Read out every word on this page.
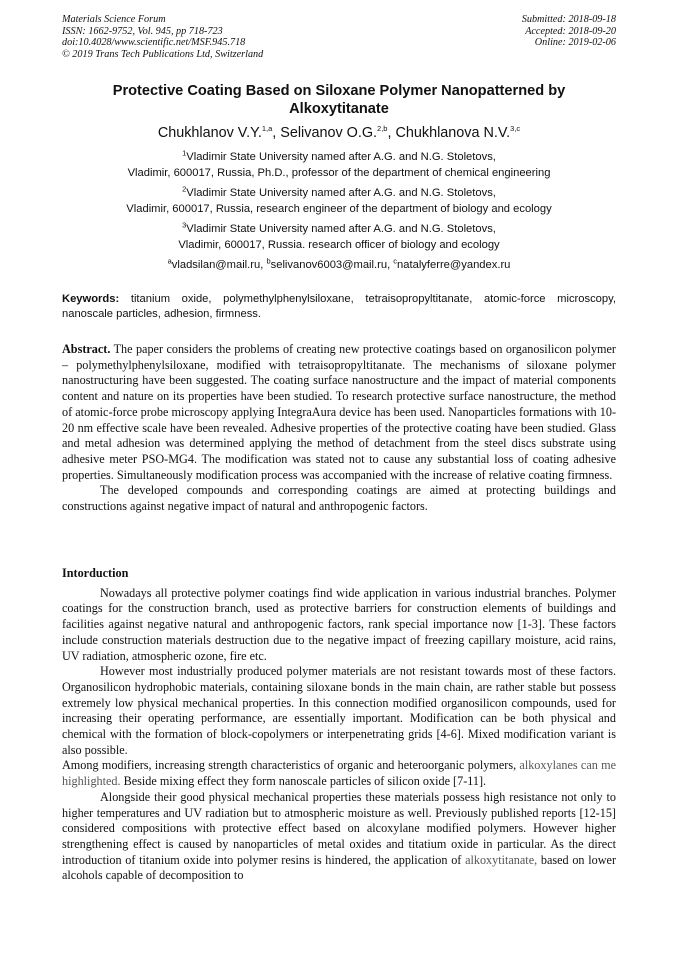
Materials Science Forum
ISSN: 1662-9752, Vol. 945, pp 718-723
doi:10.4028/www.scientific.net/MSF.945.718
© 2019 Trans Tech Publications Ltd, Switzerland
Submitted: 2018-09-18
Accepted: 2018-09-20
Online: 2019-02-06
Protective Coating Based on Siloxane Polymer Nanopatterned by
Alkoxytitanate
Chukhlanov V.Y.$^{1,a}$, Selivanov O.G.$^{2,b}$, Chukhlanova N.V.$^{3,c}$
$^1$Vladimir State University named after A.G. and N.G. Stoletovs,
Vladimir, 600017, Russia, Ph.D., professor of the department of chemical engineering
$^2$Vladimir State University named after A.G. and N.G. Stoletovs,
Vladimir, 600017, Russia, research engineer of the department of biology and ecology
$^3$Vladimir State University named after A.G. and N.G. Stoletovs,
Vladimir, 600017, Russia. research officer of biology and ecology
$^a$vladsilan@mail.ru, $^b$selivanov6003@mail.ru, $^c$natalyferre@yandex.ru
Keywords: titanium oxide, polymethylphenylsiloxane, tetraisopropyltitanate, atomic-force microscopy, nanoscale particles, adhesion, firmness.

Abstract. The paper considers the problems of creating new protective coatings based on organosilicon polymer – polymethylphenylsiloxane, modified with tetraisopropyltitanate. The mechanisms of siloxane polymer nanostructuring have been suggested. The coating surface nanostructure and the impact of material components content and nature on its properties have been studied. To research protective surface nanostructure, the method of atomic-force probe microscopy applying IntegraAura device has been used. Nanoparticles formations with 10-20 nm effective scale have been revealed. Adhesive properties of the protective coating have been studied. Glass and metal adhesion was determined applying the method of detachment from the steel discs substrate using adhesive meter PSO-MG4. The modification was stated not to cause any substantial loss of coating adhesive properties. Simultaneously modification process was accompanied with the increase of relative coating firmness.

The developed compounds and corresponding coatings are aimed at protecting buildings and constructions against negative impact of natural and anthropogenic factors.

Intorduction

Nowadays all protective polymer coatings find wide application in various industrial branches. Polymer coatings for the construction branch, used as protective barriers for construction elements of buildings and facilities against negative natural and anthropogenic factors, rank special importance now [1-3]. These factors include construction materials destruction due to the negative impact of freezing capillary moisture, acid rains, UV radiation, atmospheric ozone, fire etc.

However most industrially produced polymer materials are not resistant towards most of these factors. Organosilicon hydrophobic materials, containing siloxane bonds in the main chain, are rather stable but possess extremely low physical mechanical properties. In this connection modified organosilicon compounds, used for increasing their operating performance, are essentially important. Modification can be both physical and chemical with the formation of block-copolymers or interpenetrating grids [4-6]. Mixed modification variant is also possible.

Among modifiers, increasing strength characteristics of organic and heteroorganic polymers, alkoxylanes can me highlighted. Beside mixing effect they form nanoscale particles of silicon oxide [7-11].

Alongside their good physical mechanical properties these materials possess high resistance not only to higher temperatures and UV radiation but to atmospheric moisture as well. Previously published reports [12-15] considered compositions with protective effect based on alcoxylane modified polymers. However higher strengthening effect is caused by nanoparticles of metal oxides and titatium oxide in particular. As the direct introduction of titanium oxide into polymer resins is hindered, the application of alkoxytitanate, based on lower alcohols capable of decomposition to
